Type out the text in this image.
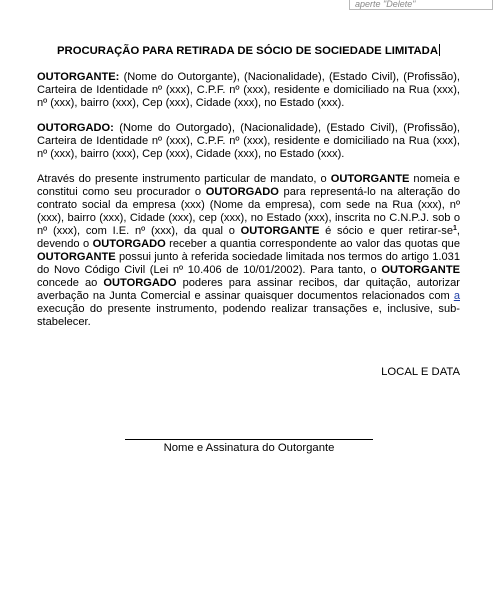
aperte "Delete"
PROCURAÇÃO PARA RETIRADA DE SÓCIO DE SOCIEDADE LIMITADA

OUTORGANTE: (Nome do Outorgante), (Nacionalidade), (Estado Civil), (Profissão), Carteira de Identidade nº (xxx), C.P.F. nº (xxx), residente e domiciliado na Rua (xxx), nº (xxx), bairro (xxx), Cep (xxx), Cidade (xxx), no Estado (xxx).

OUTORGADO: (Nome do Outorgado), (Nacionalidade), (Estado Civil), (Profissão), Carteira de Identidade nº (xxx), C.P.F. nº (xxx), residente e domiciliado na Rua (xxx), nº (xxx), bairro (xxx), Cep (xxx), Cidade (xxx), no Estado (xxx).

Através do presente instrumento particular de mandato, o OUTORGANTE nomeia e constitui como seu procurador o OUTORGADO para representá-lo na alteração do contrato social da empresa (xxx) (Nome da empresa), com sede na Rua (xxx), nº (xxx), bairro (xxx), Cidade (xxx), cep (xxx), no Estado (xxx), inscrita no C.N.P.J. sob o nº (xxx), com I.E. nº (xxx), da qual o OUTORGANTE é sócio e quer retirar-$se^1$, devendo o OUTORGADO receber a quantia correspondente ao valor das quotas que OUTORGANTE possui junto à referida sociedade limitada nos termos do artigo 1.031 do Novo Código Civil (Lei nº 10.406 de 10/01/2002). Para tanto, o OUTORGANTE concede ao OUTORGADO poderes para assinar recibos, dar quitação, autorizar averbação na Junta Comercial e assinar quaisquer documentos relacionados com a execução do presente instrumento, podendo realizar transações e, inclusive, sub-stabelecer.

LOCAL E DATA
Nome e Assinatura do Outorgante
